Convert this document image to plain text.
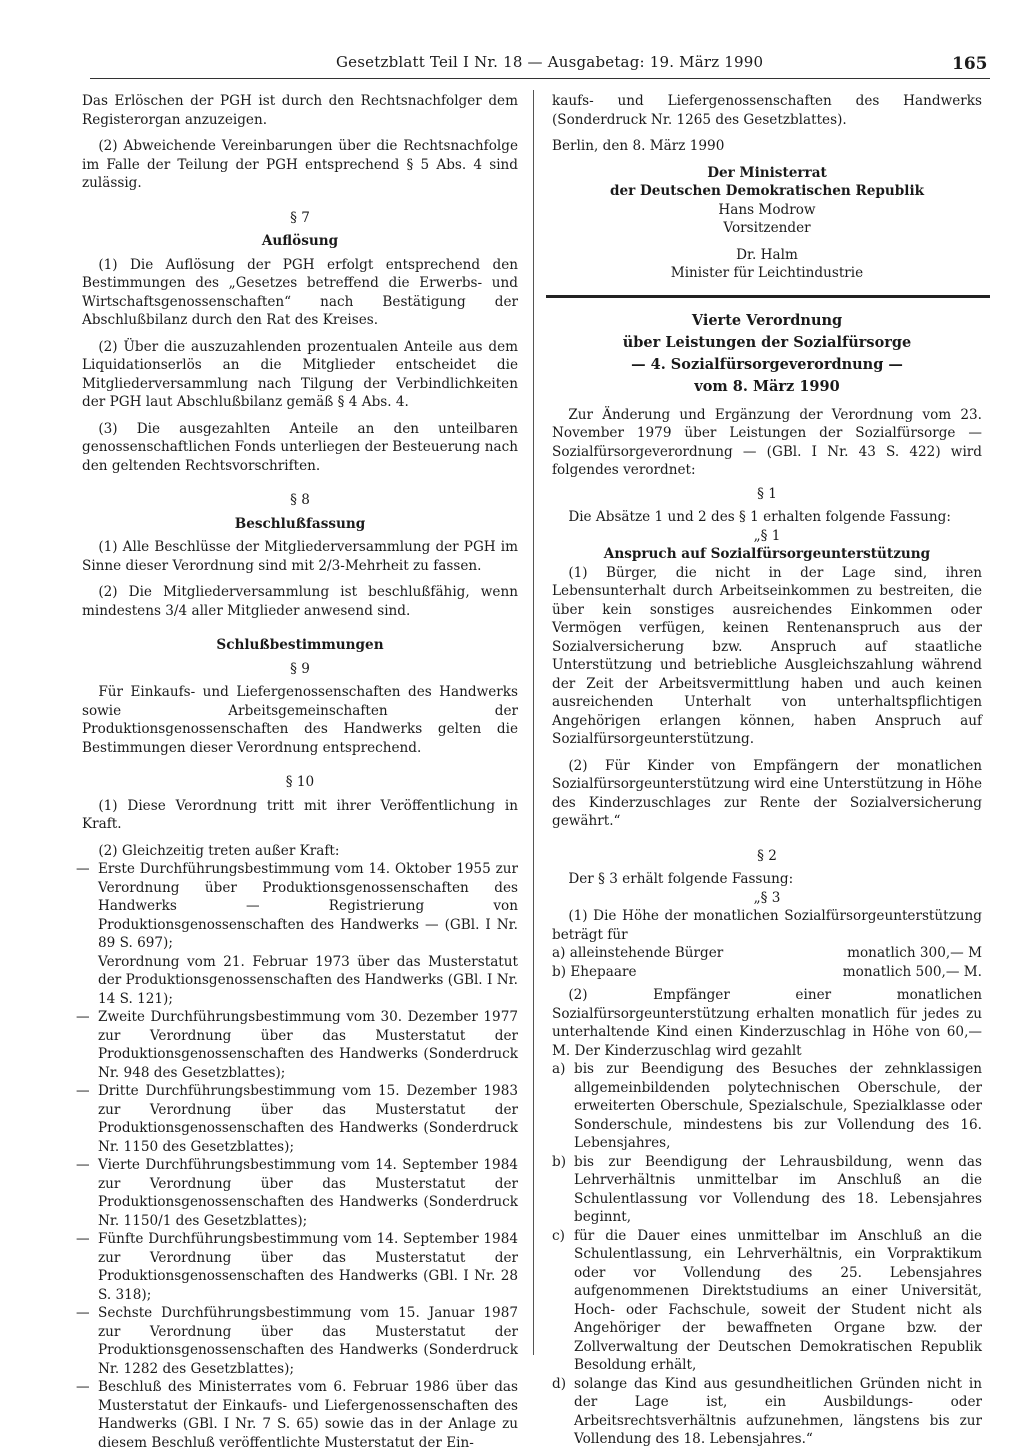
Gesetzblatt Teil I Nr. 18 — Ausgabetag: 19. März 1990	165

Das Erlöschen der PGH ist durch den Rechtsnachfolger dem Registerorgan anzuzeigen.

(2) Abweichende Vereinbarungen über die Rechtsnachfolge im Falle der Teilung der PGH entsprechend § 5 Abs. 4 sind zulässig.

§ 7

Auflösung

(1) Die Auflösung der PGH erfolgt entsprechend den Bestimmungen des „Gesetzes betreffend die Erwerbs- und Wirtschaftsgenossenschaften“ nach Bestätigung der Abschlußbilanz durch den Rat des Kreises.

(2) Über die auszuzahlenden prozentualen Anteile aus dem Liquidationserlös an die Mitglieder entscheidet die Mitgliederversammlung nach Tilgung der Verbindlichkeiten der PGH laut Abschlußbilanz gemäß § 4 Abs. 4.

(3) Die ausgezahlten Anteile an den unteilbaren genossenschaftlichen Fonds unterliegen der Besteuerung nach den geltenden Rechtsvorschriften.

§ 8

Beschlußfassung

(1) Alle Beschlüsse der Mitgliederversammlung der PGH im Sinne dieser Verordnung sind mit 2/3-Mehrheit zu fassen.

(2) Die Mitgliederversammlung ist beschlußfähig, wenn mindestens 3/4 aller Mitglieder anwesend sind.

Schlußbestimmungen

§ 9

Für Einkaufs- und Liefergenossenschaften des Handwerks sowie Arbeitsgemeinschaften der Produktionsgenossenschaften des Handwerks gelten die Bestimmungen dieser Verordnung entsprechend.

§ 10

(1) Diese Verordnung tritt mit ihrer Veröffentlichung in Kraft.

(2) Gleichzeitig treten außer Kraft:

— Erste Durchführungsbestimmung vom 14. Oktober 1955 zur Verordnung über Produktionsgenossenschaften des Handwerks — Registrierung von Produktionsgenossenschaften des Handwerks — (GBl. I Nr. 89 S. 697);
Verordnung vom 21. Februar 1973 über das Musterstatut der Produktionsgenossenschaften des Handwerks (GBl. I Nr. 14 S. 121);
— Zweite Durchführungsbestimmung vom 30. Dezember 1977 zur Verordnung über das Musterstatut der Produktionsgenossenschaften des Handwerks (Sonderdruck Nr. 948 des Gesetzblattes);
— Dritte Durchführungsbestimmung vom 15. Dezember 1983 zur Verordnung über das Musterstatut der Produktionsgenossenschaften des Handwerks (Sonderdruck Nr. 1150 des Gesetzblattes);
— Vierte Durchführungsbestimmung vom 14. September 1984 zur Verordnung über das Musterstatut der Produktionsgenossenschaften des Handwerks (Sonderdruck Nr. 1150/1 des Gesetzblattes);
— Fünfte Durchführungsbestimmung vom 14. September 1984 zur Verordnung über das Musterstatut der Produktionsgenossenschaften des Handwerks (GBl. I Nr. 28 S. 318);
— Sechste Durchführungsbestimmung vom 15. Januar 1987 zur Verordnung über das Musterstatut der Produktionsgenossenschaften des Handwerks (Sonderdruck Nr. 1282 des Gesetzblattes);
— Beschluß des Ministerrates vom 6. Februar 1986 über das Musterstatut der Einkaufs- und Liefergenossenschaften des Handwerks (GBl. I Nr. 7 S. 65) sowie das in der Anlage zu diesem Beschluß veröffentlichte Musterstatut der Ein-

kaufs- und Liefergenossenschaften des Handwerks (Sonderdruck Nr. 1265 des Gesetzblattes).

Berlin, den 8. März 1990

Der Ministerrat

der Deutschen Demokratischen Republik

Hans Modrow

Vorsitzender

Dr. Halm

Minister für Leichtindustrie

Vierte Verordnung

über Leistungen der Sozialfürsorge

— 4. Sozialfürsorgeverordnung —

vom 8. März 1990

Zur Änderung und Ergänzung der Verordnung vom 23. November 1979 über Leistungen der Sozialfürsorge — Sozialfürsorgeverordnung — (GBl. I Nr. 43 S. 422) wird folgendes verordnet:

§ 1

Die Absätze 1 und 2 des § 1 erhalten folgende Fassung:

„§ 1

Anspruch auf Sozialfürsorgeunterstützung

(1) Bürger, die nicht in der Lage sind, ihren Lebensunterhalt durch Arbeitseinkommen zu bestreiten, die über kein sonstiges ausreichendes Einkommen oder Vermögen verfügen, keinen Rentenanspruch aus der Sozialversicherung bzw. Anspruch auf staatliche Unterstützung und betriebliche Ausgleichszahlung während der Zeit der Arbeitsvermittlung haben und auch keinen ausreichenden Unterhalt von unterhaltspflichtigen Angehörigen erlangen können, haben Anspruch auf Sozialfürsorgeunterstützung.

(2) Für Kinder von Empfängern der monatlichen Sozialfürsorgeunterstützung wird eine Unterstützung in Höhe des Kinderzuschlages zur Rente der Sozialversicherung gewährt.“

§ 2

Der § 3 erhält folgende Fassung:

„§ 3

(1) Die Höhe der monatlichen Sozialfürsorgeunterstützung beträgt für

a) alleinstehende Bürger	monatlich 300,— M
b) Ehepaare	monatlich 500,— M.

(2) Empfänger einer monatlichen Sozialfürsorgeunterstützung erhalten monatlich für jedes zu unterhaltende Kind einen Kinderzuschlag in Höhe von 60,— M. Der Kinderzuschlag wird gezahlt

a) bis zur Beendigung des Besuches der zehnklassigen allgemeinbildenden polytechnischen Oberschule, der erweiterten Oberschule, Spezialschule, Spezialklasse oder Sonderschule, mindestens bis zur Vollendung des 16. Lebensjahres,
b) bis zur Beendigung der Lehrausbildung, wenn das Lehrverhältnis unmittelbar im Anschluß an die Schulentlassung vor Vollendung des 18. Lebensjahres beginnt,
c) für die Dauer eines unmittelbar im Anschluß an die Schulentlassung, ein Lehrverhältnis, ein Vorpraktikum oder vor Vollendung des 25. Lebensjahres aufgenommenen Direktstudiums an einer Universität, Hoch- oder Fachschule, soweit der Student nicht als Angehöriger der bewaffneten Organe bzw. der Zollverwaltung der Deutschen Demokratischen Republik Besoldung erhält,
d) solange das Kind aus gesundheitlichen Gründen nicht in der Lage ist, ein Ausbildungs- oder Arbeitsrechtsverhältnis aufzunehmen, längstens bis zur Vollendung des 18. Lebensjahres.“
